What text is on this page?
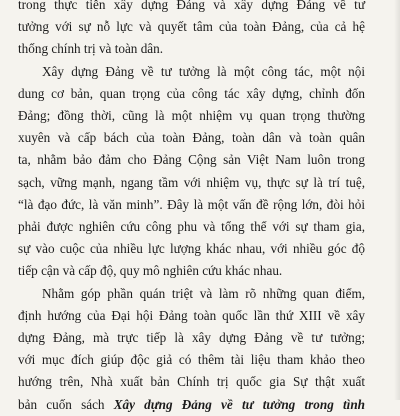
trong thực tiễn xây dựng Đảng và xây dựng Đảng về tư
tưởng với sự nỗ lực và quyết tâm của toàn Đảng, của cả hệ
thống chính trị và toàn dân.
Xây dựng Đảng về tư tưởng là một công tác, một nội
dung cơ bản, quan trọng của công tác xây dựng, chỉnh đốn
Đảng; đồng thời, cũng là một nhiệm vụ quan trọng thường
xuyên và cấp bách của toàn Đảng, toàn dân và toàn quân
ta, nhằm bảo đảm cho Đảng Cộng sản Việt Nam luôn trong
sạch, vững mạnh, ngang tầm với nhiệm vụ, thực sự là trí tuệ,
“là đạo đức, là văn minh”. Đây là một vấn đề rộng lớn, đòi hỏi
phải được nghiên cứu công phu và tổng thể với sự tham gia,
sự vào cuộc của nhiều lực lượng khác nhau, với nhiều góc độ
tiếp cận và cấp độ, quy mô nghiên cứu khác nhau.
Nhằm góp phần quán triệt và làm rõ những quan điểm,
định hướng của Đại hội Đảng toàn quốc lần thứ XIII về xây
dựng Đảng, mà trực tiếp là xây dựng Đảng về tư tưởng;
với mục đích giúp độc giả có thêm tài liệu tham khảo theo
hướng trên, Nhà xuất bản Chính trị quốc gia Sự thật xuất
bản cuốn sách Xây dựng Đảng về tư tưởng trong tình
